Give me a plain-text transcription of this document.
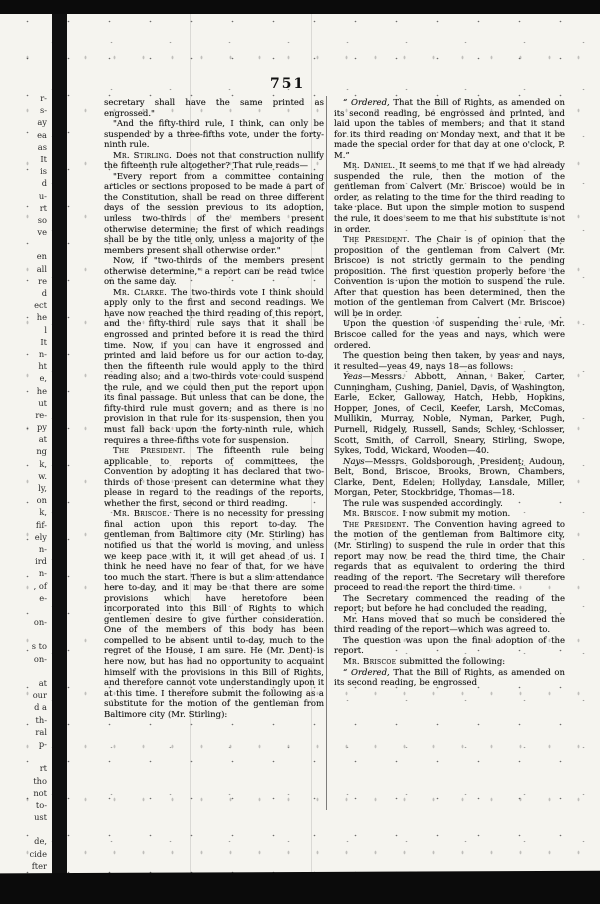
r-
s-
ay
ea
as
It
is
d
u-
rt
so
ve
en
all
re
d
ect
he
l
It
n-
ht
e,
he
ut
re-
py
at
ng
k,
w.
ly,
on
k,
fif-
ely
n-
ird
n-
, of
e-
on-
s to
on-
at
our
d a
th-
ral
p-
rt
tho
not
to-
ust
de,
cide
fter
751

secretary shall have the same printed as engrossed."

"And the fifty-third rule, I think, can only be suspended by a three-fifths vote, under the forty-ninth rule.

Mr. Stirling. Does not that construction nullify the fifteenth rule altogether? That rule reads—

"Every report from a committee containing articles or sections proposed to be made a part of the Constitution, shall be read on three different days of the session previous to its adoption, unless two-thirds of the members present otherwise determine; the first of which readings shall be by the title only, unless a majority of the members present shall otherwise order."

Now, if "two-thirds of the members present otherwise determine," a report can be read twice on the same day.

Mr. Clarke. The two-thirds vote I think should apply only to the first and second readings. We have now reached the third reading of this report, and the fifty-third rule says that it shall be engrossed and printed before it is read the third time. Now, if you can have it engrossed and printed and laid before us for our action to-day, then the fifteenth rule would apply to the third reading also; and a two-thirds vote could suspend the rule, and we could then put the report upon its final passage. But unless that can be done, the fifty-third rule must govern; and as there is no provision in that rule for its suspension, then you must fall back upon the forty-ninth rule, which requires a three-fifths vote for suspension.

The President. The fifteenth rule being applicable to reports of committees, the Convention by adopting it has declared that two-thirds of those present can determine what they please in regard to the readings of the reports, whether the first, second or third reading.

Mr. Briscoe. There is no necessity for pressing final action upon this report to-day. The gentleman from Baltimore city (Mr. Stirling) has notified us that the world is moving, and unless we keep pace with it, it will get ahead of us. I think he need have no fear of that, for we have too much the start. There is but a slim attendance here to-day, and it may be that there are some provisions which have heretofore been incorporated into this Bill of Rights to which gentlemen desire to give further consideration. One of the members of this body has been compelled to be absent until to-day, much to the regret of the House, I am sure. He (Mr. Dent) is here now, but has had no opportunity to acquaint himself with the provisions in this Bill of Rights, and therefore cannot vote understandingly upon it at this time. I therefore submit the following as a substitute for the motion of the gentleman from Baltimore city (Mr. Stirling):

“ Ordered, That the Bill of Rights, as amended on its second reading, be engrossed and printed, and laid upon the tables of members; and that it stand for its third reading on Monday next, and that it be made the special order for that day at one o'clock, P. M.”

Mr. Daniel. It seems to me that if we had already suspended the rule, then the motion of the gentleman from Calvert (Mr. Briscoe) would be in order, as relating to the time for the third reading to take place. But upon the simple motion to suspend the rule, it does seem to me that his substitute is not in order.

The President. The Chair is of opinion that the proposition of the gentleman from Calvert (Mr. Briscoe) is not strictly germain to the pending proposition. The first question properly before the Convention is upon the motion to suspend the rule. After that question has been determined, then the motion of the gentleman from Calvert (Mr. Briscoe) will be in order.

Upon the question of suspending the rule, Mr. Briscoe called for the yeas and nays, which were ordered.

The question being then taken, by yeas and nays, it resulted—yeas 49, nays 18—as follows:

Yeas—Messrs. Abbott, Annan, Baker, Carter, Cunningham, Cushing, Daniel, Davis, of Washington, Earle, Ecker, Galloway, Hatch, Hebb, Hopkins, Hopper, Jones, of Cecil, Keefer, Larsh, McComas, Mullikin, Murray, Noble, Nyman, Parker, Pugh, Purnell, Ridgely, Russell, Sands, Schley, Schlosser, Scott, Smith, of Carroll, Sneary, Stirling, Swope, Sykes, Todd, Wickard, Wooden—40.

Nays—Messrs. Goldsborough, President; Audoun, Belt, Bond, Briscoe, Brooks, Brown, Chambers, Clarke, Dent, Edelen, Hollyday, Lansdale, Miller, Morgan, Peter, Stockbridge, Thomas—18.

The rule was suspended accordingly.

Mr. Briscoe. I now submit my motion.

The President. The Convention having agreed to the motion of the gentleman from Baltimore city, (Mr. Stirling) to suspend the rule in order that this report may now be read the third time, the Chair regards that as equivalent to ordering the third reading of the report. The Secretary will therefore proceed to read the report the third time.

The Secretary commenced the reading of the report; but before he had concluded the reading,

Mr. Hans moved that so much be considered the third reading of the report—which was agreed to.

The question was upon the final adoption of the report.

Mr. Briscoe submitted the following:

“ Ordered, That the Bill of Rights, as amended on its second reading, be engrossed
